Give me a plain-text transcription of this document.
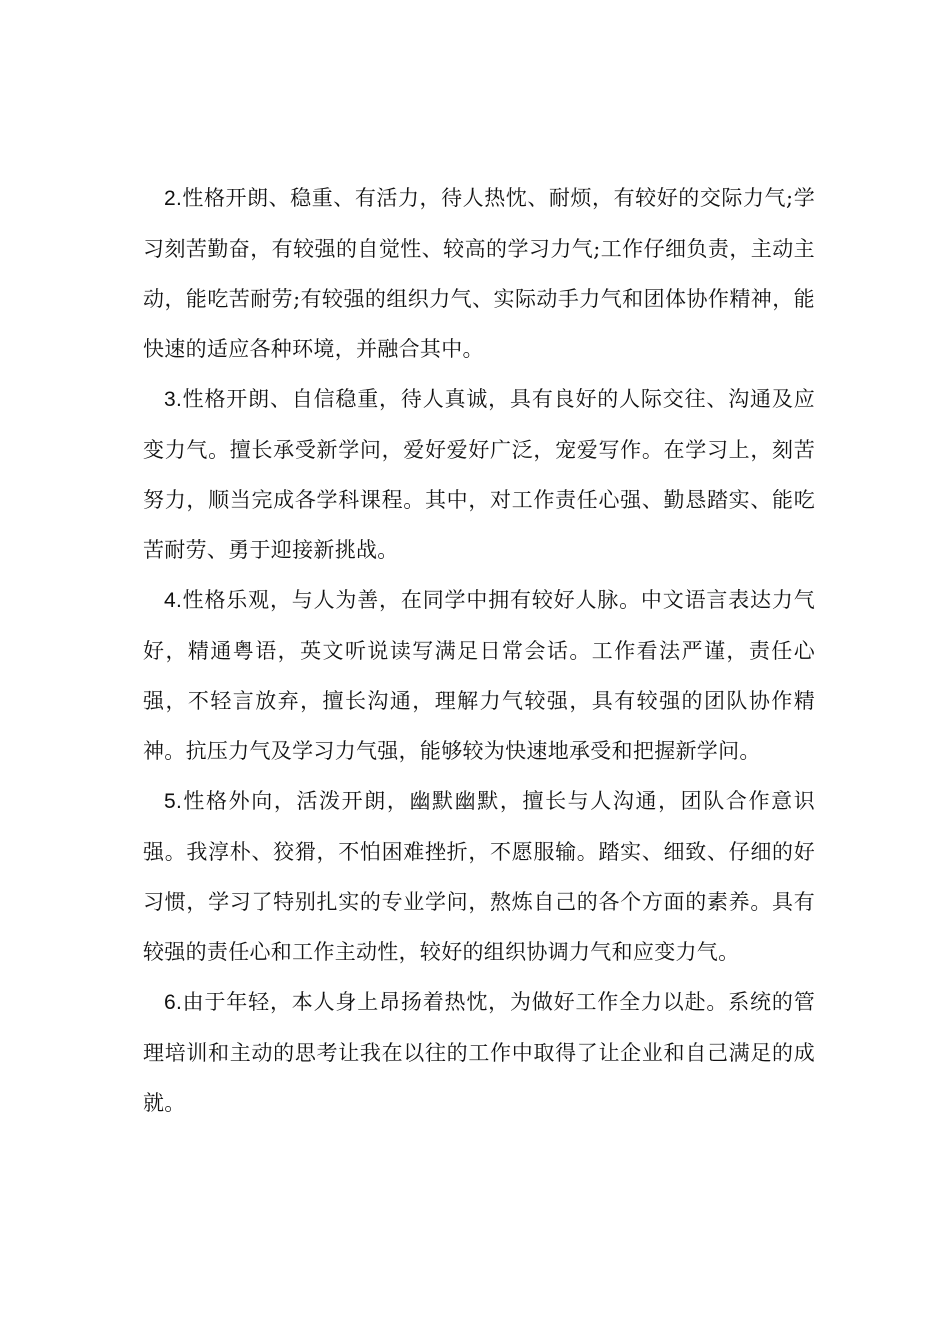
2.性格开朗、稳重、有活力，待人热忱、耐烦，有较好的交际力气;学习刻苦勤奋，有较强的自觉性、较高的学习力气;工作仔细负责，主动主动，能吃苦耐劳;有较强的组织力气、实际动手力气和团体协作精神，能快速的适应各种环境，并融合其中。

3.性格开朗、自信稳重，待人真诚，具有良好的人际交往、沟通及应变力气。擅长承受新学问，爱好爱好广泛，宠爱写作。在学习上，刻苦努力，顺当完成各学科课程。其中，对工作责任心强、勤恳踏实、能吃苦耐劳、勇于迎接新挑战。

4.性格乐观，与人为善，在同学中拥有较好人脉。中文语言表达力气好，精通粤语，英文听说读写满足日常会话。工作看法严谨，责任心强，不轻言放弃，擅长沟通，理解力气较强，具有较强的团队协作精神。抗压力气及学习力气强，能够较为快速地承受和把握新学问。

5.性格外向，活泼开朗，幽默幽默，擅长与人沟通，团队合作意识强。我淳朴、狡猾，不怕困难挫折，不愿服输。踏实、细致、仔细的好习惯，学习了特别扎实的专业学问，熬炼自己的各个方面的素养。具有较强的责任心和工作主动性，较好的组织协调力气和应变力气。

6.由于年轻，本人身上昂扬着热忱，为做好工作全力以赴。系统的管理培训和主动的思考让我在以往的工作中取得了让企业和自己满足的成就。
